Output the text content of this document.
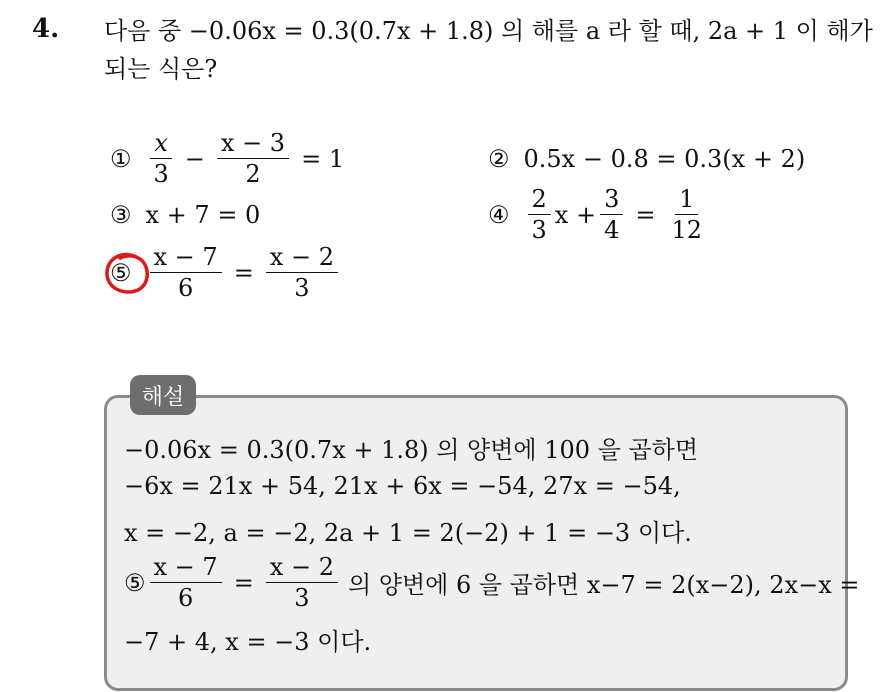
4. 다음 중 −0.06x = 0.3(0.7x + 1.8) 의 해를 a 라 할 때, 2a + 1 이 해가
되는 식은?
① $\frac{x}{3} - \frac{x - 3}{2} = 1$	② 0.5x − 0.8 = 0.3(x + 2)
③ x + 7 = 0	④ $\frac{2}{3}$ $x + \frac{3}{4} = \frac{1}{12}$
⑤ $\frac{x - 7}{6} = \frac{x - 2}{3}$
해설
−0.06x = 0.3(0.7x + 1.8) 의 양변에 100 을 곱하면
−6x = 21x + 54, 21x + 6x = −54, 27x = −54,
x = −2, a = −2, 2a + 1 = 2(−2) + 1 = −3 이다.
⑤ $\frac{x - 7}{6} = \frac{x - 2}{3}$ 의 양변에 6 을 곱하면 x−7 = 2(x−2), 2x−x =
−7 + 4, x = −3 이다.
